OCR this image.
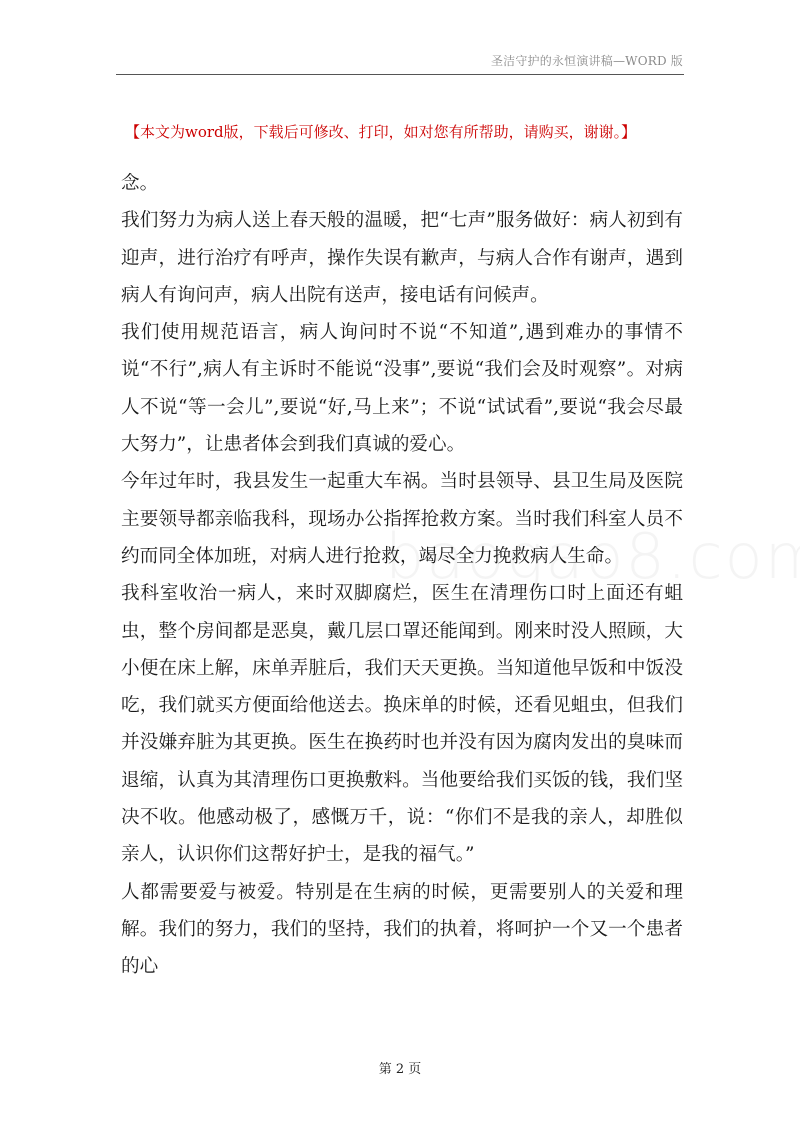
圣洁守护的永恒演讲稿—WORD 版
【本文为word版，下载后可修改、打印，如对您有所帮助，请购买，谢谢。】

念。

我们努力为病人送上春天般的温暖，把“七声”服务做好：病人初到有迎声，进行治疗有呼声，操作失误有歉声，与病人合作有谢声，遇到病人有询问声，病人出院有送声，接电话有问候声。

我们使用规范语言，病人询问时不说“不知道”,遇到难办的事情不说“不行”,病人有主诉时不能说“没事”,要说“我们会及时观察”。对病人不说“等一会儿”,要说“好,马上来”；不说“试试看”,要说“我会尽最大努力”，让患者体会到我们真诚的爱心。

今年过年时，我县发生一起重大车祸。当时县领导、县卫生局及医院主要领导都亲临我科，现场办公指挥抢救方案。当时我们科室人员不约而同全体加班，对病人进行抢救，竭尽全力挽救病人生命。

我科室收治一病人，来时双脚腐烂，医生在清理伤口时上面还有蛆虫，整个房间都是恶臭，戴几层口罩还能闻到。刚来时没人照顾，大小便在床上解，床单弄脏后，我们天天更换。当知道他早饭和中饭没吃，我们就买方便面给他送去。换床单的时候，还看见蛆虫，但我们并没嫌弃脏为其更换。医生在换药时也并没有因为腐肉发出的臭味而退缩，认真为其清理伤口更换敷料。当他要给我们买饭的钱，我们坚决不收。他感动极了，感慨万千，说：“你们不是我的亲人，却胜似亲人，认识你们这帮好护士，是我的福气。”

人都需要爱与被爱。特别是在生病的时候，更需要别人的关爱和理解。我们的努力，我们的坚持，我们的执着，将呵护一个又一个患者的心

第 2 页
